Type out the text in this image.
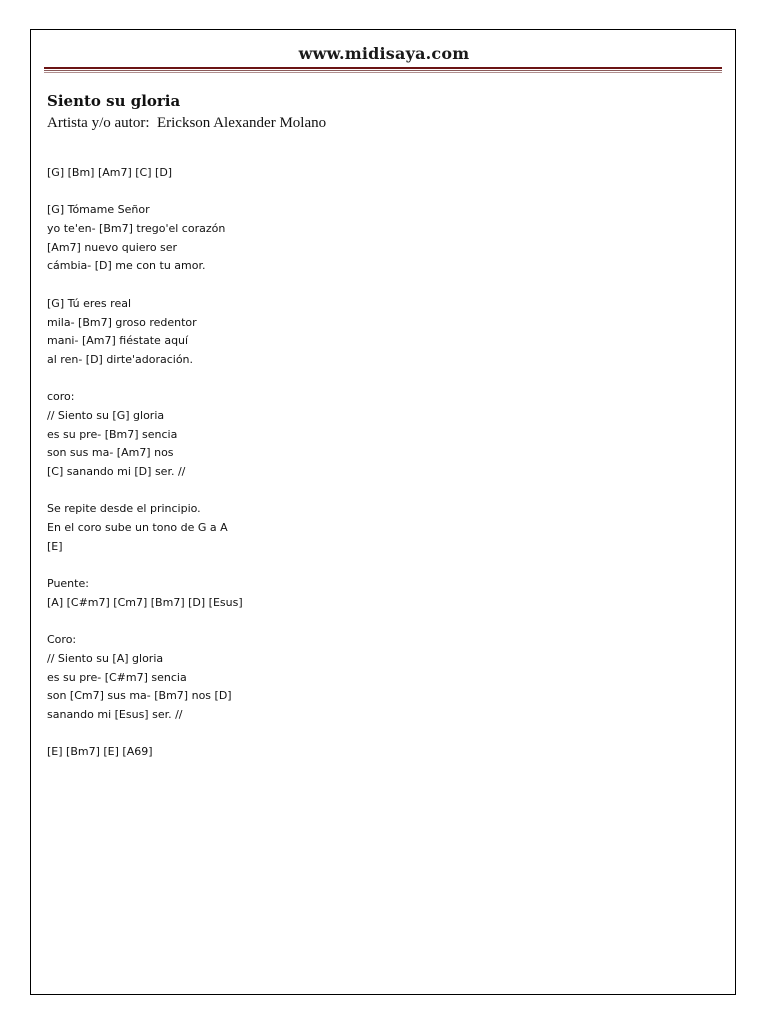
www.midisaya.com
Siento su gloria
Artista y/o autor:  Erickson Alexander Molano
[G] [Bm] [Am7] [C] [D]
[G] Tómame Señor
yo te'en- [Bm7] trego'el corazón
[Am7] nuevo quiero ser
cámbia- [D] me con tu amor.
[G] Tú eres real
mila- [Bm7] groso redentor
mani- [Am7] fiéstate aquí
al ren- [D] dirte'adoración.
coro:
// Siento su [G] gloria
es su pre- [Bm7] sencia
son sus ma- [Am7] nos
[C] sanando mi [D] ser. //
Se repite desde el principio.
En el coro sube un tono de G a A
[E]
Puente:
[A] [C#m7] [Cm7] [Bm7] [D] [Esus]
Coro:
// Siento su [A] gloria
es su pre- [C#m7] sencia
son [Cm7] sus ma- [Bm7] nos [D]
sanando mi [Esus] ser. //
[E] [Bm7] [E] [A69]
